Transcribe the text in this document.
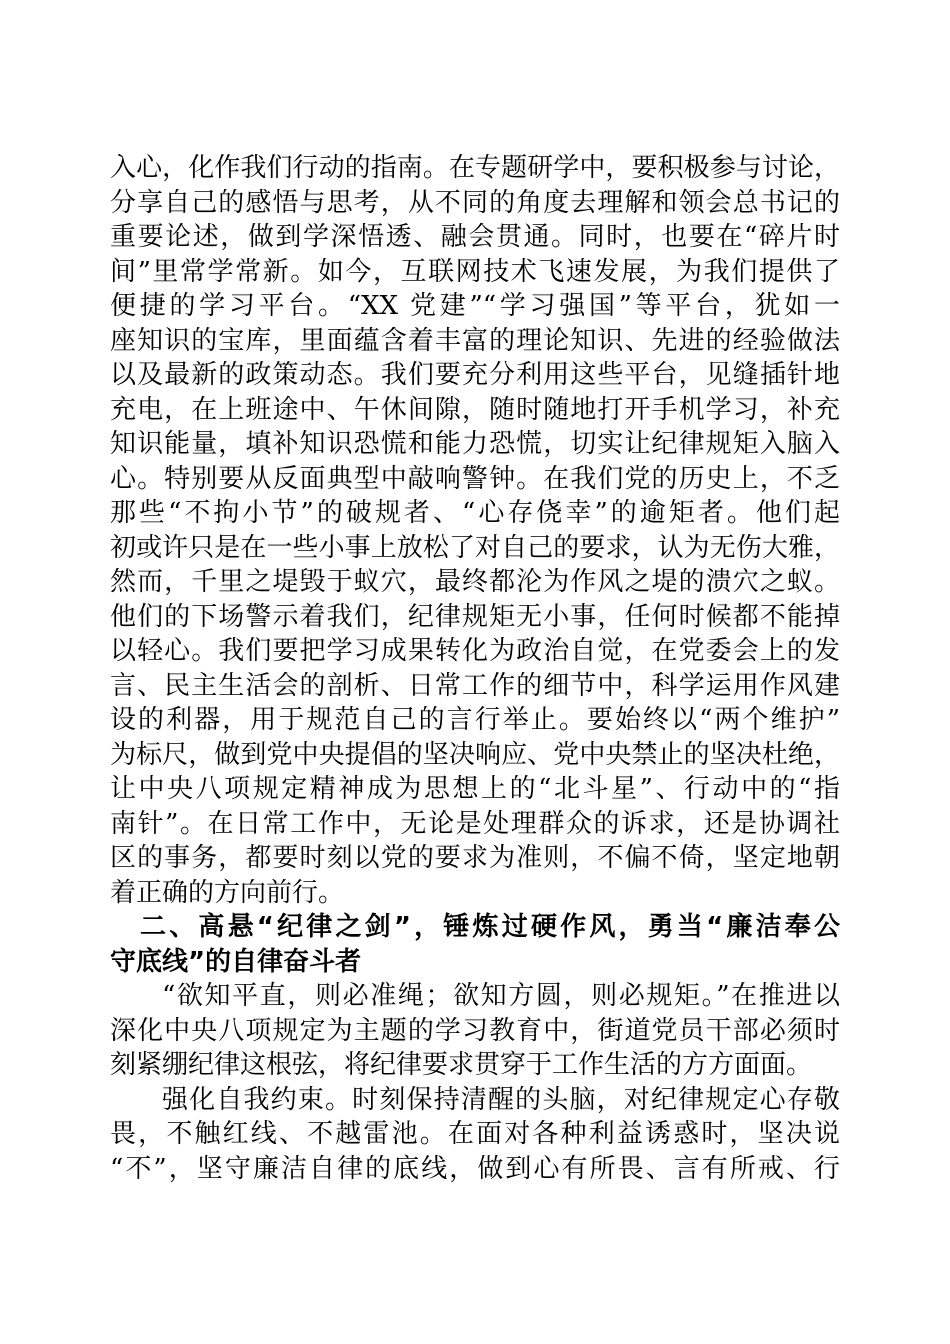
入心，化作我们行动的指南。在专题研学中，要积极参与讨论，
分享自己的感悟与思考，从不同的角度去理解和领会总书记的
重要论述，做到学深悟透、融会贯通。同时，也要在“碎片时
间”里常学常新。如今，互联网技术飞速发展，为我们提供了
便捷的学习平台。“XX 党建”“学习强国”等平台，犹如一
座知识的宝库，里面蕴含着丰富的理论知识、先进的经验做法
以及最新的政策动态。我们要充分利用这些平台，见缝插针地
充电，在上班途中、午休间隙，随时随地打开手机学习，补充
知识能量，填补知识恐慌和能力恐慌，切实让纪律规矩入脑入
心。特别要从反面典型中敲响警钟。在我们党的历史上，不乏
那些“不拘小节”的破规者、“心存侥幸”的逾矩者。他们起
初或许只是在一些小事上放松了对自己的要求，认为无伤大雅，
然而，千里之堤毁于蚁穴，最终都沦为作风之堤的溃穴之蚁。
他们的下场警示着我们，纪律规矩无小事，任何时候都不能掉
以轻心。我们要把学习成果转化为政治自觉，在党委会上的发
言、民主生活会的剖析、日常工作的细节中，科学运用作风建
设的利器，用于规范自己的言行举止。要始终以“两个维护”
为标尺，做到党中央提倡的坚决响应、党中央禁止的坚决杜绝，
让中央八项规定精神成为思想上的“北斗星”、行动中的“指
南针”。在日常工作中，无论是处理群众的诉求，还是协调社
区的事务，都要时刻以党的要求为准则，不偏不倚，坚定地朝
着正确的方向前行。
二、高悬“纪律之剑”，锤炼过硬作风，勇当“廉洁奉公
守底线”的自律奋斗者
“欲知平直，则必准绳；欲知方圆，则必规矩。”在推进以
深化中央八项规定为主题的学习教育中，街道党员干部必须时
刻紧绷纪律这根弦，将纪律要求贯穿于工作生活的方方面面。
强化自我约束。时刻保持清醒的头脑，对纪律规定心存敬
畏，不触红线、不越雷池。在面对各种利益诱惑时，坚决说
“不”，坚守廉洁自律的底线，做到心有所畏、言有所戒、行
